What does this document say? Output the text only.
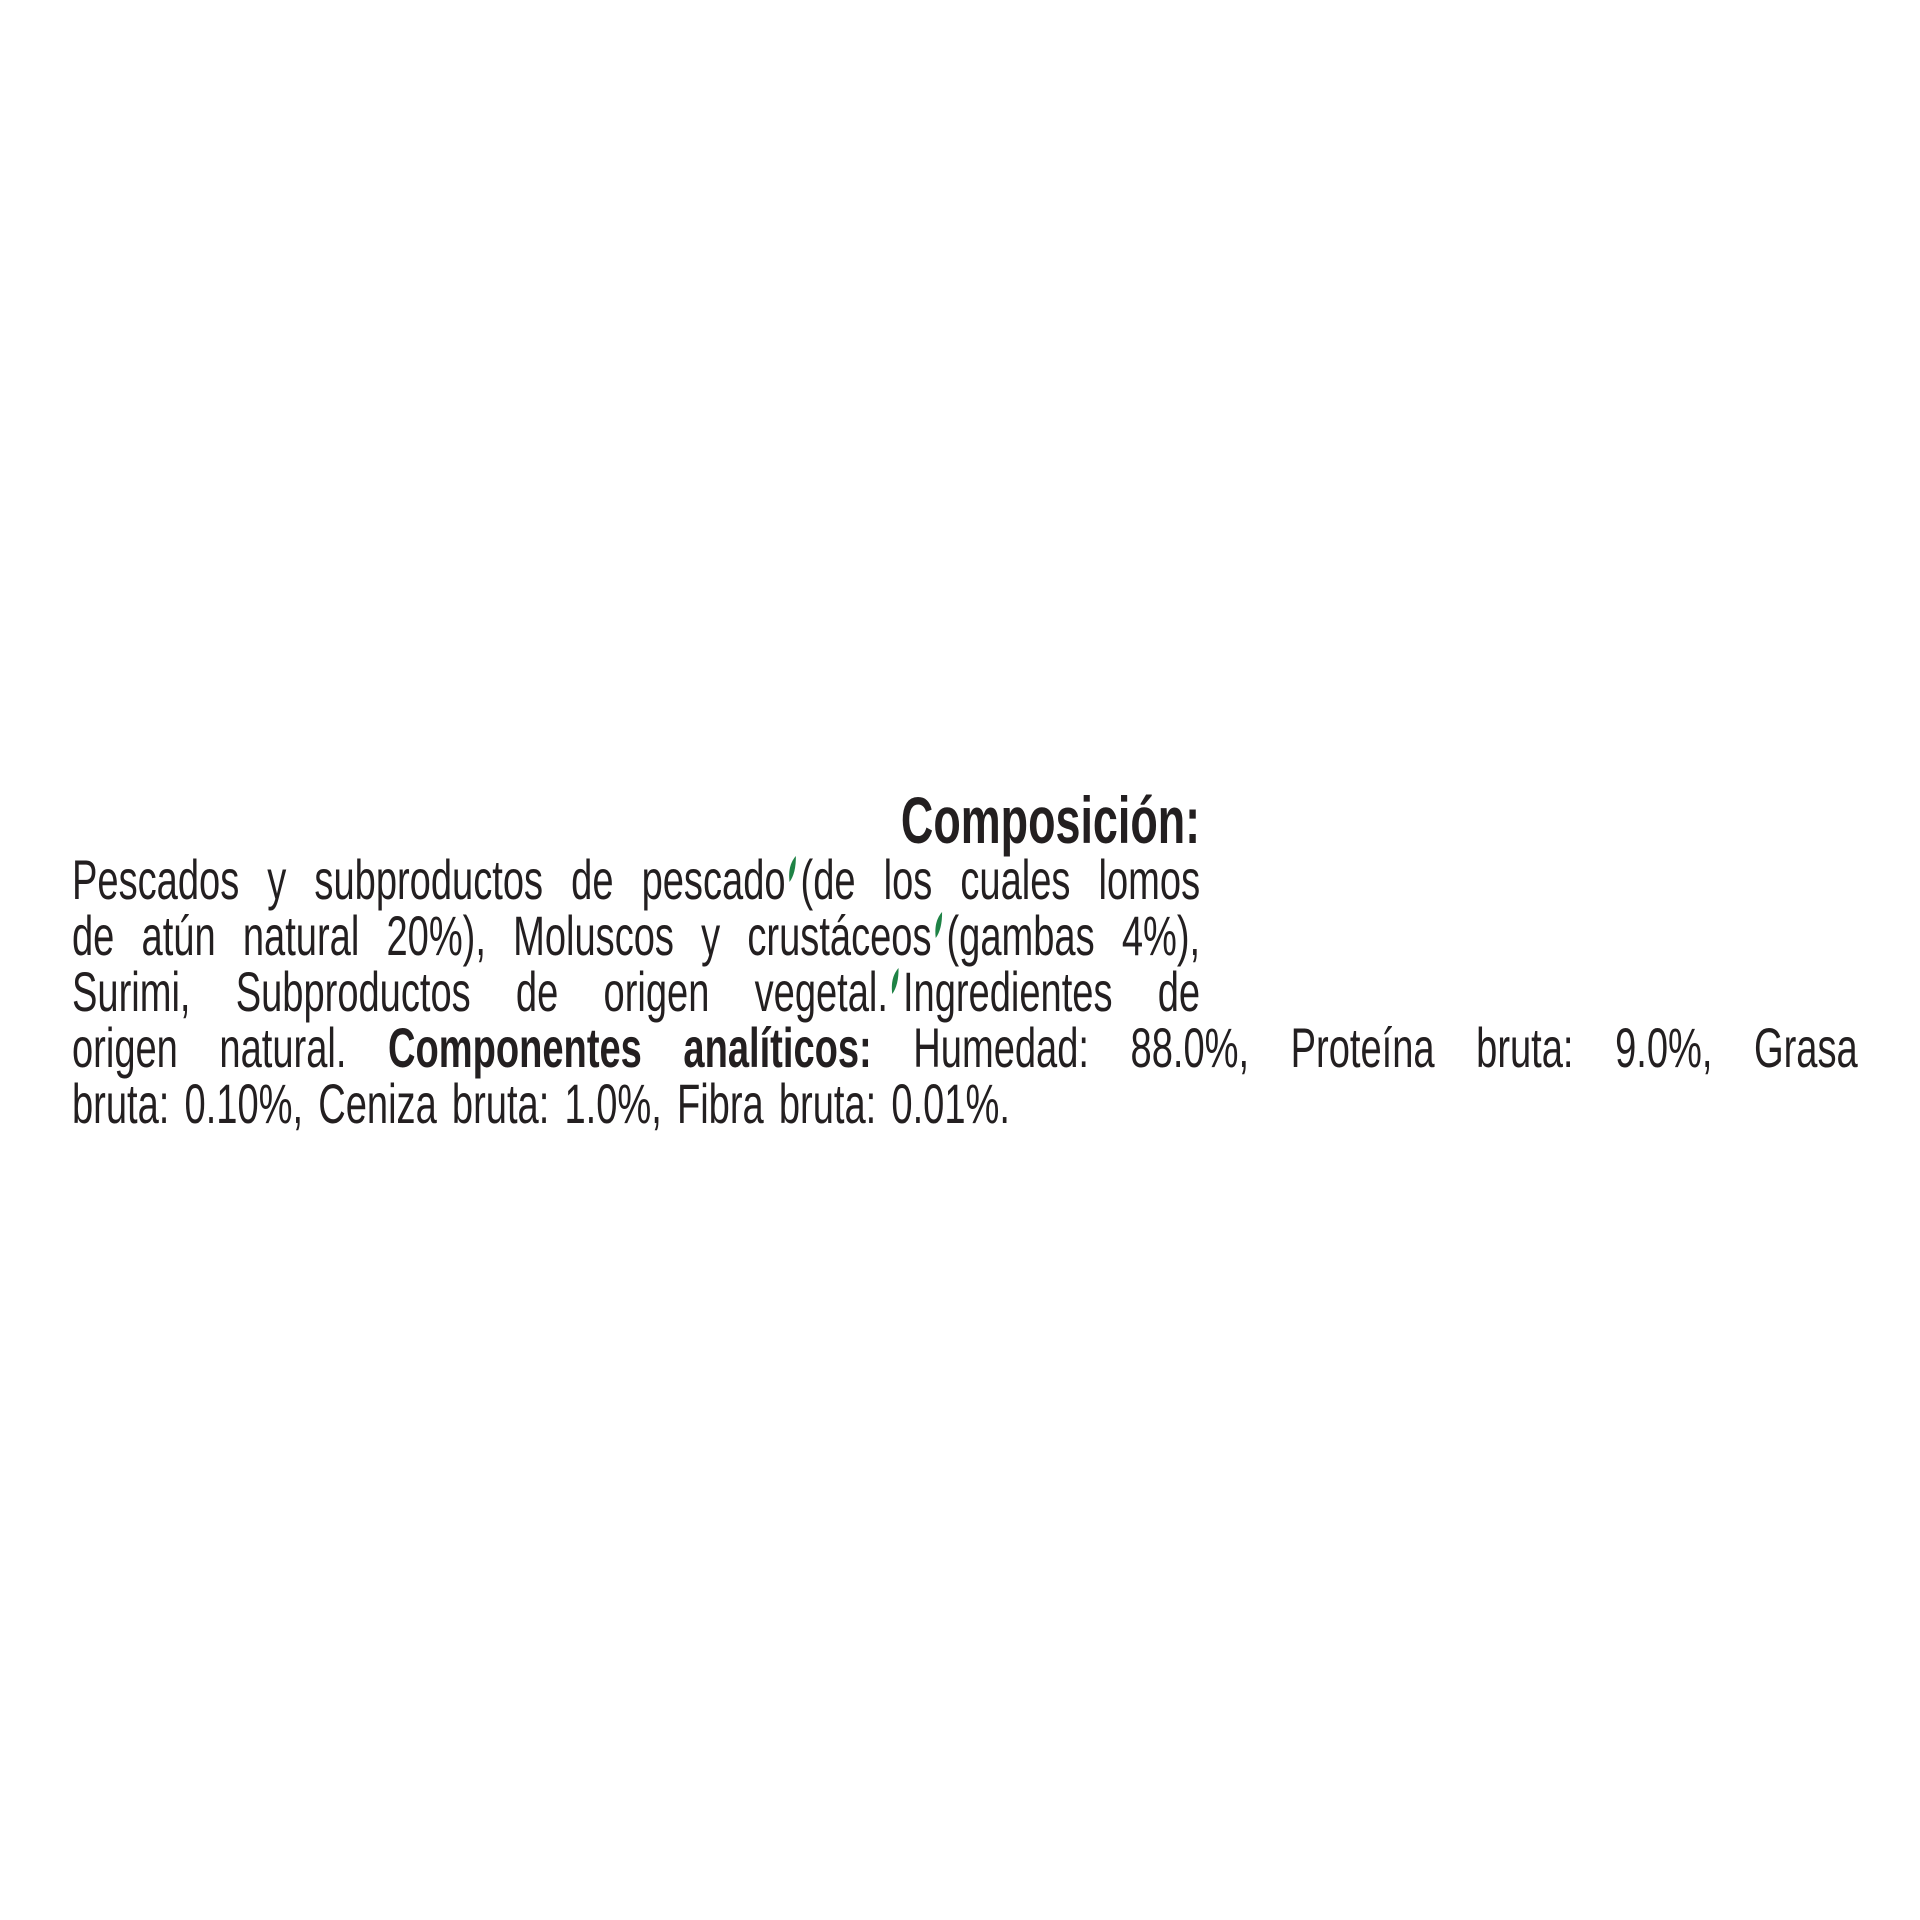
Composición:
Pescados y subproductos de pescado (de los cuales lomos
de atún natural 20%), Moluscos y crustáceos (gambas 4%),
Surimi, Subproductos de origen vegetal. Ingredientes de
origen natural. Componentes analíticos: Humedad: 88.0%, Proteína bruta: 9.0%, Grasa
bruta: 0.10%, Ceniza bruta: 1.0%, Fibra bruta: 0.01%.
